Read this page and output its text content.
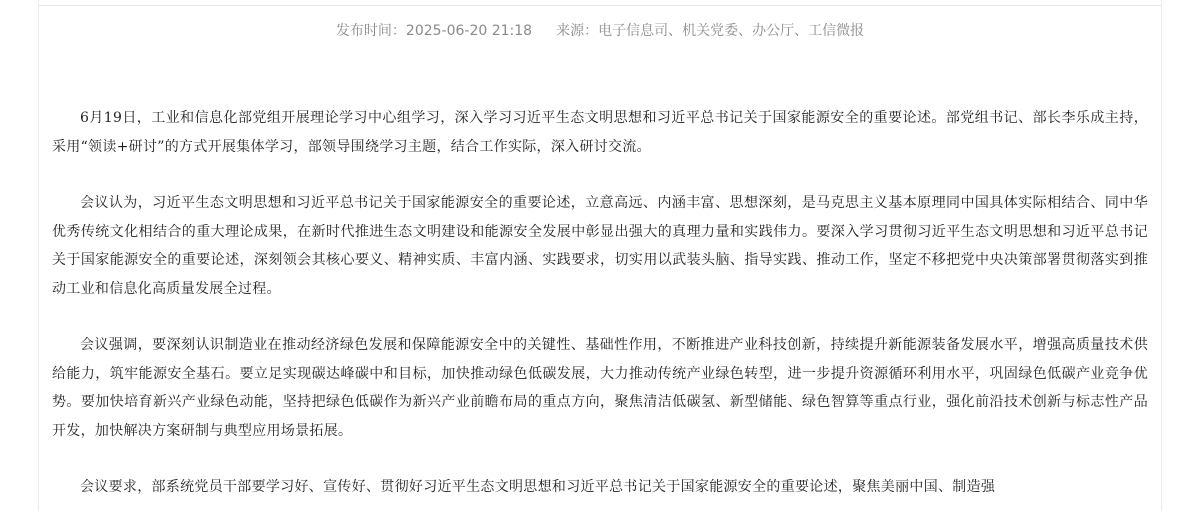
发布时间：2025-06-20 21:18 来源：电子信息司、机关党委、办公厅、工信微报

6月19日，工业和信息化部党组开展理论学习中心组学习，深入学习习近平生态文明思想和习近平总书记关于国家能源安全的重要论述。部党组书记、部长李乐成主持，采用“领读+研讨”的方式开展集体学习，部领导围绕学习主题，结合工作实际，深入研讨交流。

会议认为，习近平生态文明思想和习近平总书记关于国家能源安全的重要论述，立意高远、内涵丰富、思想深刻，是马克思主义基本原理同中国具体实际相结合、同中华优秀传统文化相结合的重大理论成果，在新时代推进生态文明建设和能源安全发展中彰显出强大的真理力量和实践伟力。要深入学习贯彻习近平生态文明思想和习近平总书记关于国家能源安全的重要论述，深刻领会其核心要义、精神实质、丰富内涵、实践要求，切实用以武装头脑、指导实践、推动工作，坚定不移把党中央决策部署贯彻落实到推动工业和信息化高质量发展全过程。

会议强调，要深刻认识制造业在推动经济绿色发展和保障能源安全中的关键性、基础性作用，不断推进产业科技创新，持续提升新能源装备发展水平，增强高质量技术供给能力，筑牢能源安全基石。要立足实现碳达峰碳中和目标，加快推动绿色低碳发展，大力推动传统产业绿色转型，进一步提升资源循环利用水平，巩固绿色低碳产业竞争优势。要加快培育新兴产业绿色动能，坚持把绿色低碳作为新兴产业前瞻布局的重点方向，聚焦清洁低碳氢、新型储能、绿色智算等重点行业，强化前沿技术创新与标志性产品开发，加快解决方案研制与典型应用场景拓展。

会议要求，部系统党员干部要学习好、宣传好、贯彻好习近平生态文明思想和习近平总书记关于国家能源安全的重要论述，聚焦美丽中国、制造强
